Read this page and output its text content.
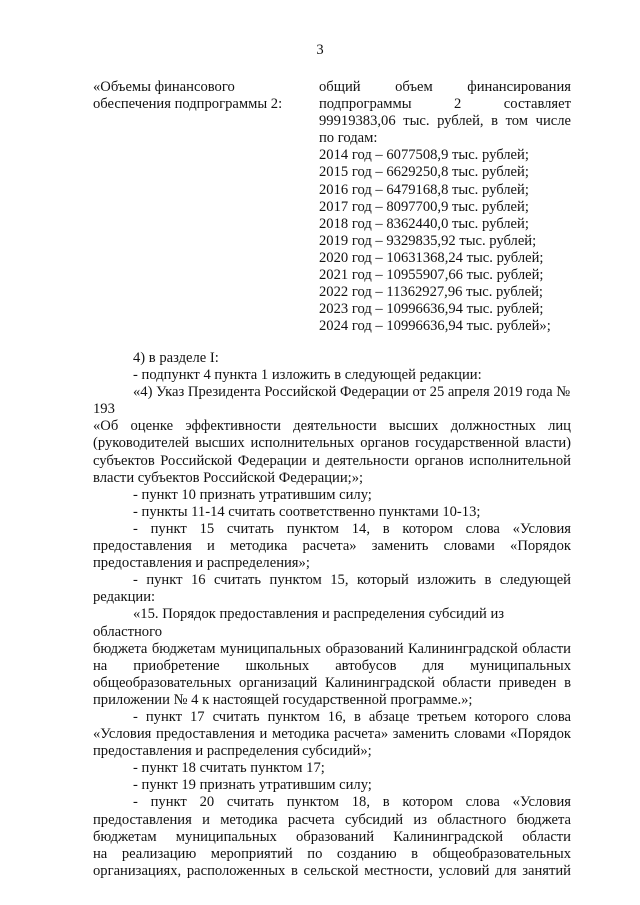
3

«Объемы финансового

обеспечения подпрограммы 2:

общий объем финансирования

подпрограммы 2 составляет

99919383,06 тыс. рублей, в том числе

по годам:

2014 год – 6077508,9 тыс. рублей;

2015 год – 6629250,8 тыс. рублей;

2016 год – 6479168,8 тыс. рублей;

2017 год – 8097700,9 тыс. рублей;

2018 год – 8362440,0 тыс. рублей;

2019 год – 9329835,92 тыс. рублей;

2020 год – 10631368,24 тыс. рублей;

2021 год – 10955907,66 тыс. рублей;

2022 год – 11362927,96 тыс. рублей;

2023 год – 10996636,94 тыс. рублей;

2024 год – 10996636,94 тыс. рублей»;

4) в разделе I:

- подпункт 4 пункта 1 изложить в следующей редакции:

«4) Указ Президента Российской Федерации от 25 апреля 2019 года № 193

«Об оценке эффективности деятельности высших должностных лиц

(руководителей высших исполнительных органов государственной власти)

субъектов Российской Федерации и деятельности органов исполнительной

власти субъектов Российской Федерации;»;

- пункт 10 признать утратившим силу;

- пункты 11-14 считать соответственно пунктами 10-13;

- пункт 15 считать пунктом 14, в котором слова «Условия

предоставления и методика расчета» заменить словами «Порядок

предоставления и распределения»;

- пункт 16 считать пунктом 15, который изложить в следующей

редакции:

«15. Порядок предоставления и распределения субсидий из областного

бюджета бюджетам муниципальных образований Калининградской области

на приобретение школьных автобусов для муниципальных

общеобразовательных организаций Калининградской области приведен в

приложении № 4 к настоящей государственной программе.»;

- пункт 17 считать пунктом 16, в абзаце третьем которого слова

«Условия предоставления и методика расчета» заменить словами «Порядок

предоставления и распределения субсидий»;

- пункт 18 считать пунктом 17;

- пункт 19 признать утратившим силу;

- пункт 20 считать пунктом 18, в котором слова «Условия

предоставления и методика расчета субсидий из областного бюджета

бюджетам муниципальных образований Калининградской области

на реализацию мероприятий по созданию в общеобразовательных

организациях, расположенных в сельской местности, условий для занятий
